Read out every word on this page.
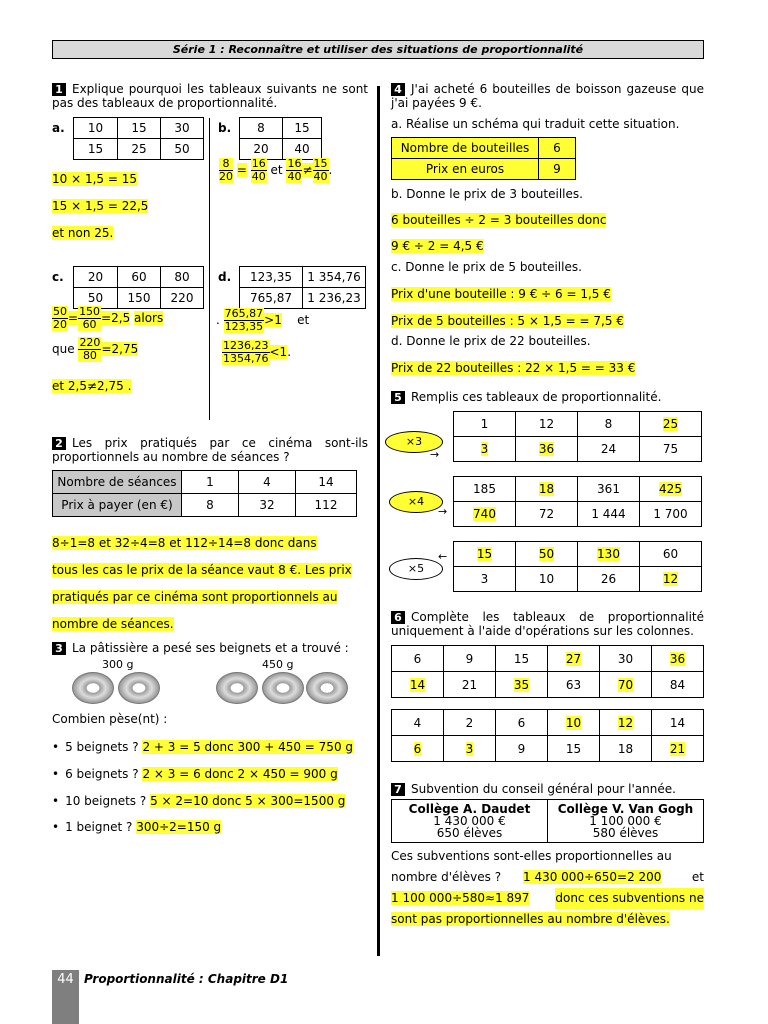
Série 1 : Reconnaître et utiliser des situations de proportionnalité
1 Explique pourquoi les tableaux suivants ne sont pas des tableaux de proportionnalité.
a. 10	15	30
15	25	50
10 × 1,5 = 15
15 × 1,5 = 22,5
et non 25.
b. 8	15
20	40
$\frac{8}{20} = \frac{16}{40}$ et $\frac{16}{40} \ne \frac{15}{40}$ .
c. 20	60	80
50	150	220
$\frac{50}{20} = \frac{150}{60} =2,5$ alors
que $\frac{220}{80} =2,75$
et 2,5≠2,75 .
d. 123,35	1 354,76
765,87	1 236,23
. $\frac{765,87}{123,35} >1$ et
$\frac{1236,23}{1354,76} <1$.
2 Les prix pratiqués par ce cinéma sont-ils proportionnels au nombre de séances ?
Nombre de séances	1	4	14
Prix à payer (en €)	8	32	112
8÷1=8 et 32÷4=8 et 112÷14=8 donc dans
tous les cas le prix de la séance vaut 8 €. Les prix
pratiqués par ce cinéma sont proportionnels au
nombre de séances.
3 La pâtissière a pesé ses beignets et a trouvé :
300 g	450 g
Combien pèse(nt) :
• 5 beignets ? 2 + 3 = 5 donc 300 + 450 = 750 g
• 6 beignets ? 2 × 3 = 6 donc 2 × 450 = 900 g
• 10 beignets ? 5 × 2=10 donc 5 × 300=1500 g
• 1 beignet ? 300÷2=150 g
4 J'ai acheté 6 bouteilles de boisson gazeuse que j'ai payées 9 €.
a. Réalise un schéma qui traduit cette situation.
Nombre de bouteilles	6
Prix en euros	9
b. Donne le prix de 3 bouteilles.
6 bouteilles ÷ 2 = 3 bouteilles donc
9 € ÷ 2 = 4,5 €
c. Donne le prix de 5 bouteilles.
Prix d'une bouteille : 9 € ÷ 6 = 1,5 €
Prix de 5 bouteilles : 5 × 1,5 = = 7,5 €
d. Donne le prix de 22 bouteilles.
Prix de 22 bouteilles : 22 × 1,5 = = 33 €
5 Remplis ces tableaux de proportionnalité.
×3
→
1	12	8	25
3	36	24	75
×4
→
185	18	361	425
740	72	1 444	1 700
×5
← 15	50	130	60
3	10	26	12
6 Complète les tableaux de proportionnalité uniquement à l'aide d'opérations sur les colonnes.
6	9	15	27	30	36
14	21	35	63	70	84
4	2	6	10	12	14
6	3	9	15	18	21
7 Subvention du conseil général pour l'année.
Collège A. Daudet
1 430 000 €
650 élèves	
Collège V. Van Gogh
1 100 000 €
580 élèves
Ces subventions sont-elles proportionnelles au
nombre d'élèves ? 1 430 000÷650=2 200	et

1 100 000÷580≈1 897 donc ces subventions ne

sont pas proportionnelles au nombre d'élèves.
44 Proportionnalité : Chapitre D1
